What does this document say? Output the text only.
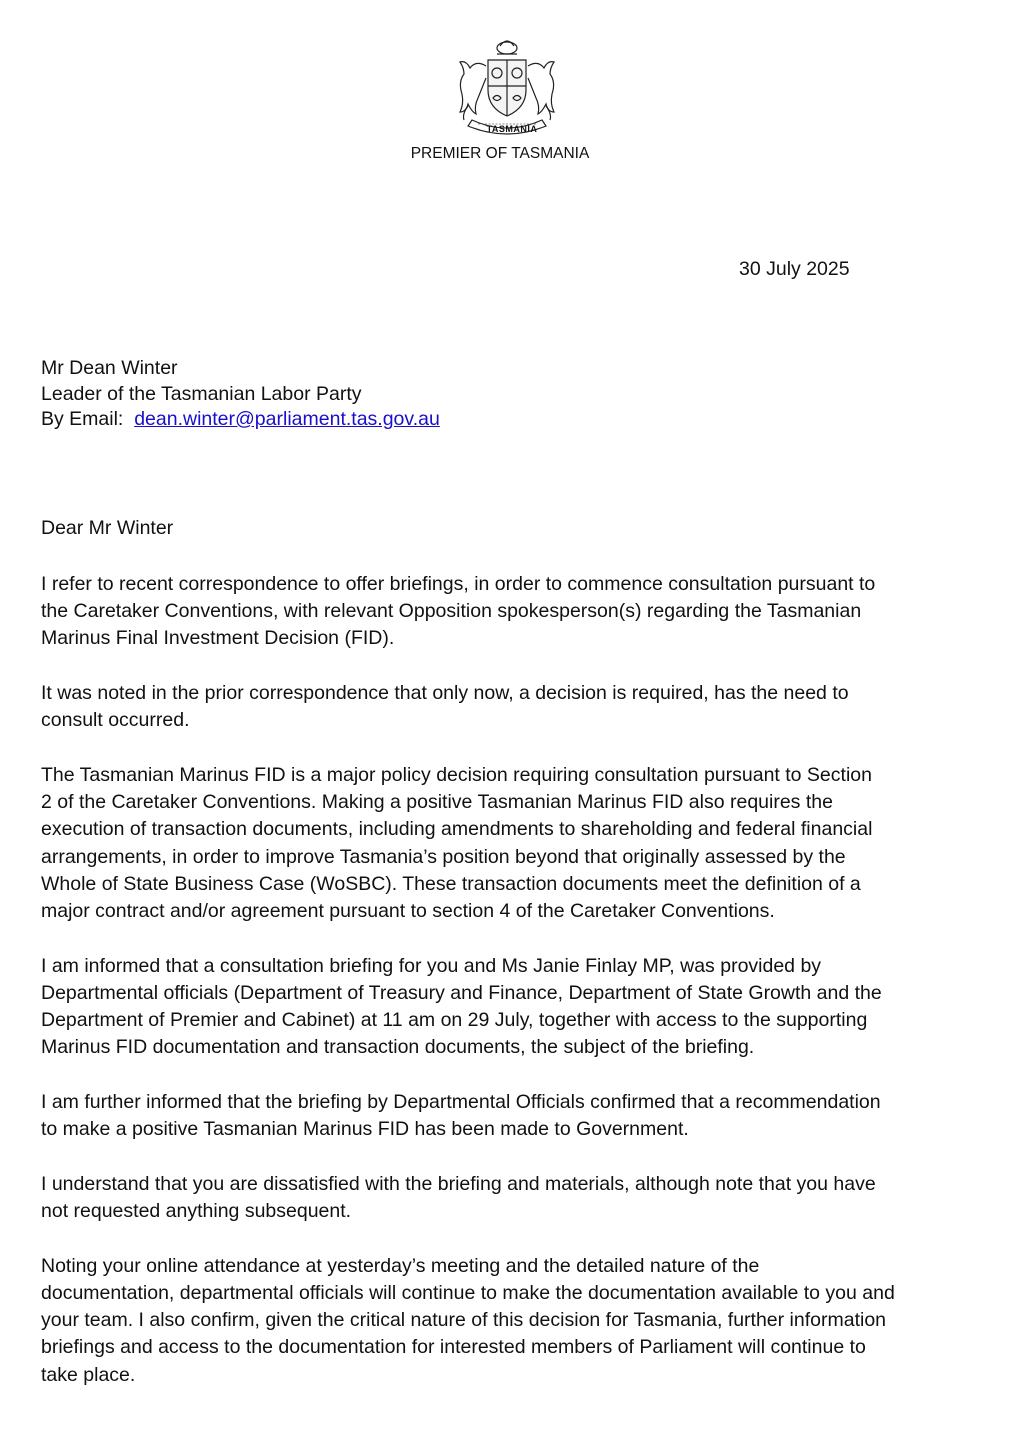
TASMANIA
PREMIER OF TASMANIA
30 July 2025
Mr Dean Winter
Leader of the Tasmanian Labor Party
By Email: dean.winter@parliament.tas.gov.au
Dear Mr Winter

I refer to recent correspondence to offer briefings, in order to commence consultation pursuant to
the Caretaker Conventions, with relevant Opposition spokesperson(s) regarding the Tasmanian
Marinus Final Investment Decision (FID).

It was noted in the prior correspondence that only now, a decision is required, has the need to
consult occurred.

The Tasmanian Marinus FID is a major policy decision requiring consultation pursuant to Section
2 of the Caretaker Conventions. Making a positive Tasmanian Marinus FID also requires the
execution of transaction documents, including amendments to shareholding and federal financial
arrangements, in order to improve Tasmania’s position beyond that originally assessed by the
Whole of State Business Case (WoSBC). These transaction documents meet the definition of a
major contract and/or agreement pursuant to section 4 of the Caretaker Conventions.

I am informed that a consultation briefing for you and Ms Janie Finlay MP, was provided by
Departmental officials (Department of Treasury and Finance, Department of State Growth and the
Department of Premier and Cabinet) at 11 am on 29 July, together with access to the supporting
Marinus FID documentation and transaction documents, the subject of the briefing.

I am further informed that the briefing by Departmental Officials confirmed that a recommendation
to make a positive Tasmanian Marinus FID has been made to Government.

I understand that you are dissatisfied with the briefing and materials, although note that you have
not requested anything subsequent.

Noting your online attendance at yesterday’s meeting and the detailed nature of the
documentation, departmental officials will continue to make the documentation available to you and
your team. I also confirm, given the critical nature of this decision for Tasmania, further information
briefings and access to the documentation for interested members of Parliament will continue to
take place.
